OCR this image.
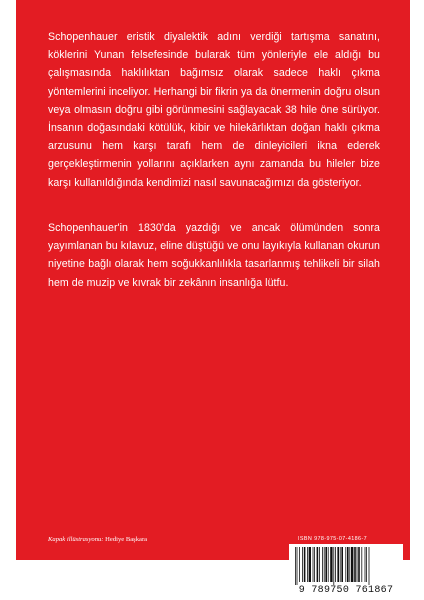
Schopenhauer eristik diyalektik adını verdiği tartışma sanatını, köklerini Yunan felsefesinde bularak tüm yönleriyle ele aldığı bu çalışmasında haklılıktan bağımsız olarak sadece haklı çıkma yöntemlerini inceliyor. Herhangi bir fikrin ya da önermenin doğru olsun veya olmasın doğru gibi görünmesini sağlayacak 38 hile öne sürüyor. İnsanın doğasındaki kötülük, kibir ve hilekârlıktan doğan haklı çıkma arzusunu hem karşı tarafı hem de dinleyicileri ikna ederek gerçekleştirmenin yollarını açıklarken aynı zamanda bu hileler bize karşı kullanıldığında kendimizi nasıl savunacağımızı da gösteriyor.

Schopenhauer'in 1830'da yazdığı ve ancak ölümünden sonra yayımlanan bu kılavuz, eline düştüğü ve onu layıkıyla kullanan okurun niyetine bağlı olarak hem soğukkanlılıkla tasarlanmış tehlikeli bir silah hem de muzip ve kıvrak bir zekânın insanlığa lütfu.

Kapak illüstrasyonu: Hediye Başkara	ISBN 978-975-07-4186-7
9 789750 761867
